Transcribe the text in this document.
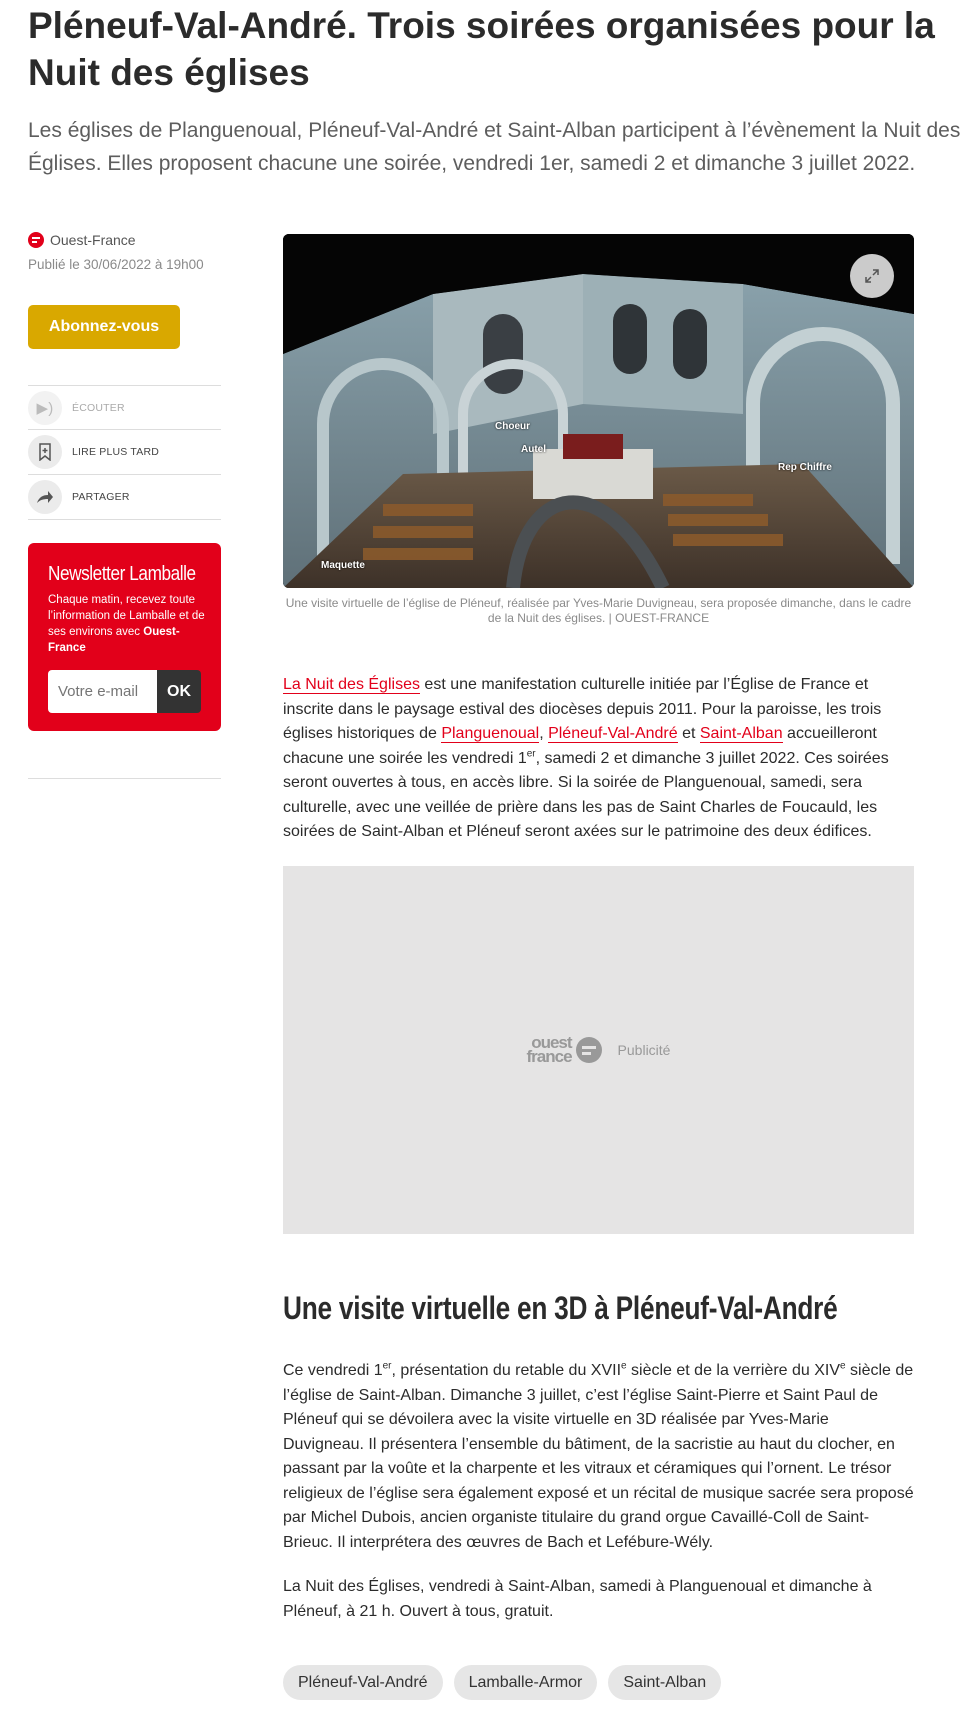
Pléneuf-Val-André. Trois soirées organisées pour la Nuit des églises

Les églises de Planguenoual, Pléneuf-Val-André et Saint-Alban participent à l’évènement la Nuit des Églises. Elles proposent chacune une soirée, vendredi 1er, samedi 2 et dimanche 3 juillet 2022.

Ouest-France
Publié le 30/06/2022 à 19h00
Abonnez-vous
▶)	ÉCOUTER
LIRE PLUS TARD
PARTAGER
Newsletter Lamballe
Chaque matin, recevez toute l’information de Lamballe et de ses environs avec Ouest-France
Votre e-mail
OK
Choeur
Autel
Rep Chiffre
Maquette
Une visite virtuelle de l’église de Pléneuf, réalisée par Yves-Marie Duvigneau, sera proposée dimanche, dans le cadre de la Nuit des églises. | OUEST-FRANCE

La Nuit des Églises est une manifestation culturelle initiée par l’Église de France et inscrite dans le paysage estival des diocèses depuis 2011. Pour la paroisse, les trois églises historiques de Planguenoual, Pléneuf-Val-André et Saint-Alban accueilleront chacune une soirée les vendredi 1er, samedi 2 et dimanche 3 juillet 2022. Ces soirées seront ouvertes à tous, en accès libre. Si la soirée de Planguenoual, samedi, sera culturelle, avec une veillée de prière dans les pas de Saint Charles de Foucauld, les soirées de Saint-Alban et Pléneuf seront axées sur le patrimoine des deux édifices.

ouest
france	Publicité
Une visite virtuelle en 3D à Pléneuf-Val-André

Ce vendredi 1er, présentation du retable du XVIIe siècle et de la verrière du XIVe siècle de l’église de Saint-Alban. Dimanche 3 juillet, c’est l’église Saint-Pierre et Saint Paul de Pléneuf qui se dévoilera avec la visite virtuelle en 3D réalisée par Yves-Marie Duvigneau. Il présentera l’ensemble du bâtiment, de la sacristie au haut du clocher, en passant par la voûte et la charpente et les vitraux et céramiques qui l’ornent. Le trésor religieux de l’église sera également exposé et un récital de musique sacrée sera proposé par Michel Dubois, ancien organiste titulaire du grand orgue Cavaillé-Coll de Saint-Brieuc. Il interprétera des œuvres de Bach et Lefébure-Wély.

La Nuit des Églises, vendredi à Saint-Alban, samedi à Planguenoual et dimanche à Pléneuf, à 21 h. Ouvert à tous, gratuit.

Pléneuf-Val-André	Lamballe-Armor	Saint-Alban
